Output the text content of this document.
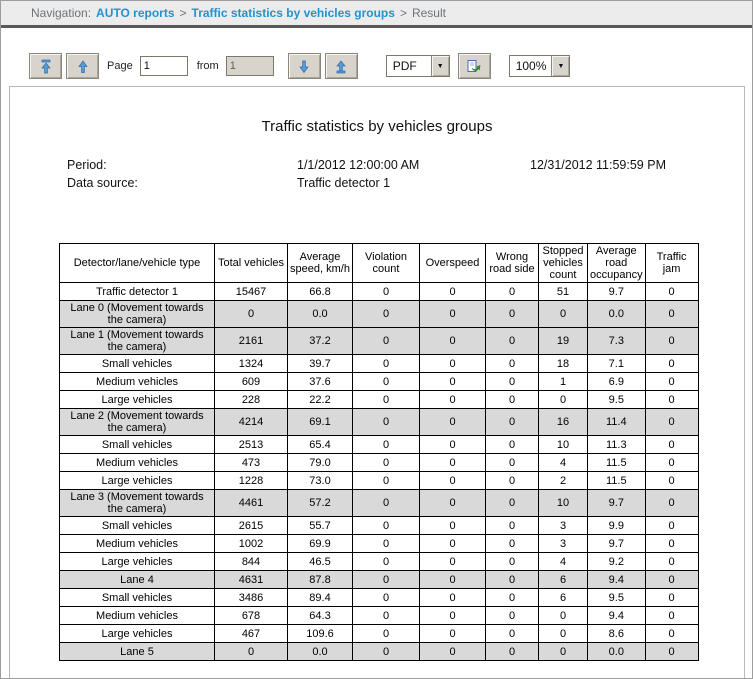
Navigation: AUTO reports > Traffic statistics by vehicles groups > Result
Page
1	from
1	PDF	▼	100%	▼
Traffic statistics by vehicles groups
Period:	1/1/2012 12:00:00 AM	12/31/2012 11:59:59 PM
Data source:	Traffic detector 1
Detector/lane/vehicle type	Total vehicles	Average speed, km/h	Violation count	Overspeed	Wrong road side	Stopped vehicles count	Average road occupancy	Traffic jam
Traffic detector 1	15467	66.8	0	0	0	51	9.7	0
Lane 0 (Movement towards the camera)	0	0.0	0	0	0	0	0.0	0
Lane 1 (Movement towards the camera)	2161	37.2	0	0	0	19	7.3	0
Small vehicles	1324	39.7	0	0	0	18	7.1	0
Medium vehicles	609	37.6	0	0	0	1	6.9	0
Large vehicles	228	22.2	0	0	0	0	9.5	0
Lane 2 (Movement towards the camera)	4214	69.1	0	0	0	16	11.4	0
Small vehicles	2513	65.4	0	0	0	10	11.3	0
Medium vehicles	473	79.0	0	0	0	4	11.5	0
Large vehicles	1228	73.0	0	0	0	2	11.5	0
Lane 3 (Movement towards the camera)	4461	57.2	0	0	0	10	9.7	0
Small vehicles	2615	55.7	0	0	0	3	9.9	0
Medium vehicles	1002	69.9	0	0	0	3	9.7	0
Large vehicles	844	46.5	0	0	0	4	9.2	0
Lane 4	4631	87.8	0	0	0	6	9.4	0
Small vehicles	3486	89.4	0	0	0	6	9.5	0
Medium vehicles	678	64.3	0	0	0	0	9.4	0
Large vehicles	467	109.6	0	0	0	0	8.6	0
Lane 5	0	0.0	0	0	0	0	0.0	0
